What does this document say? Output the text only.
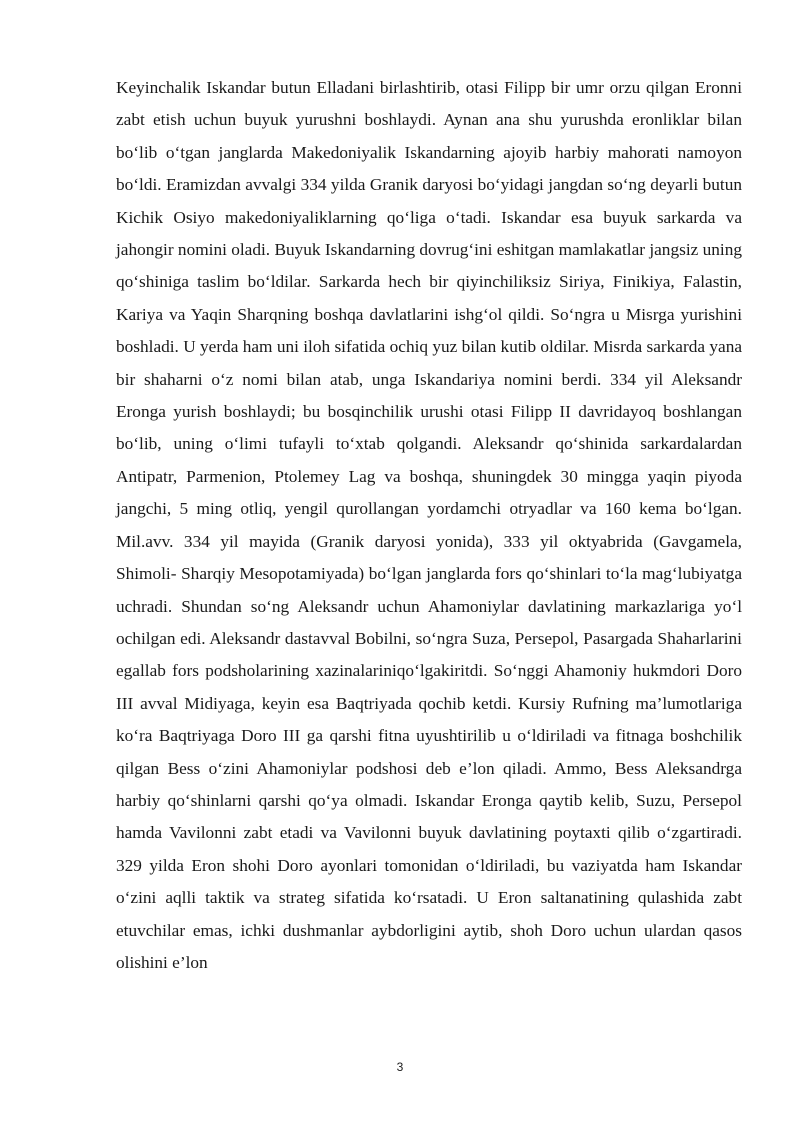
Keyinchalik Iskandar butun Elladani birlashtirib, otasi Filipp bir umr orzu qilgan Eronni zabt etish uchun buyuk yurushni boshlaydi. Aynan ana shu yurushda eronliklar bilan bo‘lib o‘tgan janglarda Makedoniyalik Iskandarning ajoyib harbiy mahorati namoyon bo‘ldi. Eramizdan avvalgi 334 yilda Granik daryosi bo‘yidagi jangdan so‘ng deyarli butun Kichik Osiyo makedoniyaliklarning qo‘liga o‘tadi. Iskandar esa buyuk sarkarda va jahongir nomini oladi. Buyuk Iskandarning dovrug‘ini eshitgan mamlakatlar jangsiz uning qo‘shiniga taslim bo‘ldilar. Sarkarda hech bir qiyinchiliksiz Siriya, Finikiya, Falastin, Kariya va Yaqin Sharqning boshqa davlatlarini ishg‘ol qildi. So‘ngra u Misrga yurishini boshladi. U yerda ham uni iloh sifatida ochiq yuz bilan kutib oldilar. Misrda sarkarda yana bir shaharni o‘z nomi bilan atab, unga Iskandariya nomini berdi. 334 yil Aleksandr Eronga yurish boshlaydi; bu bosqinchilik urushi otasi Filipp II davridayoq boshlangan bo‘lib, uning o‘limi tufayli to‘xtab qolgandi. Aleksandr qo‘shinida sarkardalardan Antipatr, Parmenion, Ptolemey Lag va boshqa, shuningdek 30 mingga yaqin piyoda jangchi, 5 ming otliq, yengil qurollangan yordamchi otryadlar va 160 kema bo‘lgan. Mil.avv. 334 yil mayida (Granik daryosi yonida), 333 yil oktyabrida (Gavgamela, Shimoli- Sharqiy Mesopotamiyada) bo‘lgan janglarda fors qo‘shinlari to‘la mag‘lubiyatga uchradi. Shundan so‘ng Aleksandr uchun Ahamoniylar davlatining markazlariga yo‘l ochilgan edi. Aleksandr dastavval Bobilni, so‘ngra Suza, Persepol, Pasargada Shaharlarini egallab fors podsholarining xazinalariniqo‘lgakiritdi. So‘nggi Ahamoniy hukmdori Doro III avval Midiyaga, keyin esa Baqtriyada qochib ketdi. Kursiy Rufning ma’lumotlariga ko‘ra Baqtriyaga Doro III ga qarshi fitna uyushtirilib u o‘ldiriladi va fitnaga boshchilik qilgan Bess o‘zini Ahamoniylar podshosi deb e’lon qiladi. Ammo, Bess Aleksandrga harbiy qo‘shinlarni qarshi qo‘ya olmadi. Iskandar Eronga qaytib kelib, Suzu, Persepol hamda Vavilonni zabt etadi va Vavilonni buyuk davlatining poytaxti qilib o‘zgartiradi. 329 yilda Eron shohi Doro ayonlari tomonidan o‘ldiriladi, bu vaziyatda ham Iskandar o‘zini aqlli taktik va strateg sifatida ko‘rsatadi. U Eron saltanatining qulashida zabt etuvchilar emas, ichki dushmanlar aybdorligini aytib, shoh Doro uchun ulardan qasos olishini e’lon

3
